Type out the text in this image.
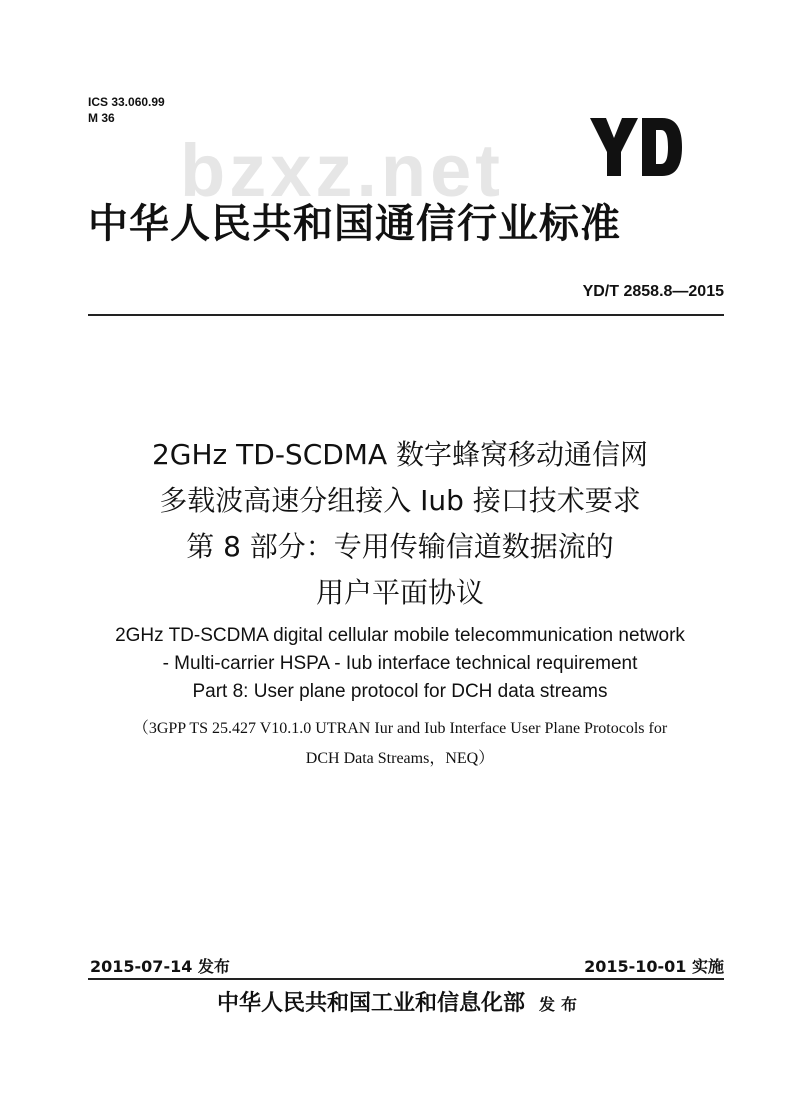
ICS 33.060.99
M 36
bzxz.net
中华人民共和国通信行业标准
YD/T 2858.8—2015
2GHz TD-SCDMA 数字蜂窝移动通信网
多载波高速分组接入 Iub 接口技术要求
第 8 部分：专用传输信道数据流的
用户平面协议
2GHz TD-SCDMA digital cellular mobile telecommunication network
- Multi-carrier HSPA - Iub interface technical requirement
Part 8: User plane protocol for DCH data streams
（3GPP TS 25.427 V10.1.0 UTRAN Iur and Iub Interface User Plane Protocols for
DCH Data Streams，NEQ）
2015-07-14 发布	2015-10-01 实施
中华人民共和国工业和信息化部 发布
